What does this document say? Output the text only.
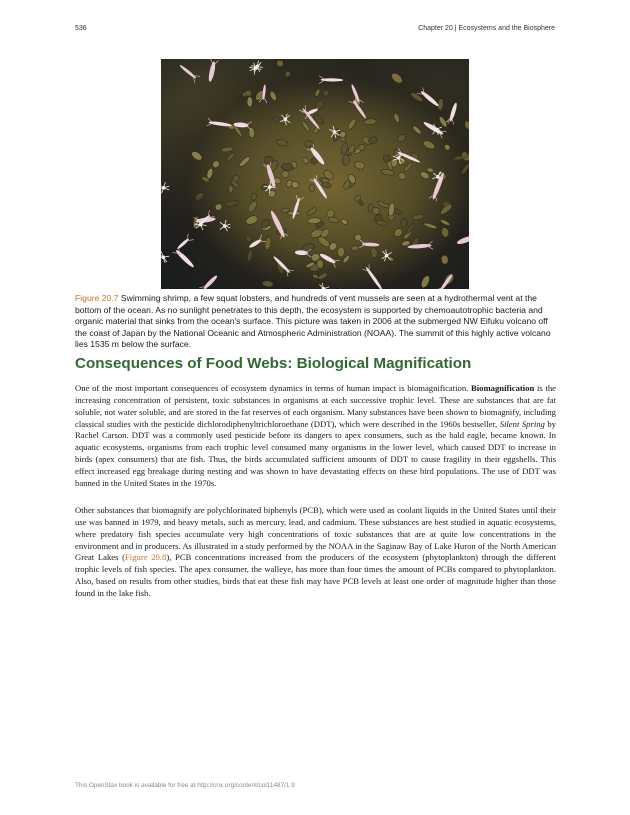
536	Chapter 20 | Ecosystems and the Biosphere

Figure 20.7 Swimming shrimp, a few squat lobsters, and hundreds of vent mussels are seen at a hydrothermal vent at the bottom of the ocean. As no sunlight penetrates to this depth, the ecosystem is supported by chemoautotrophic bacteria and organic material that sinks from the ocean's surface. This picture was taken in 2006 at the submerged NW Eifuku volcano off the coast of Japan by the National Oceanic and Atmospheric Administration (NOAA). The summit of this highly active volcano lies 1535 m below the surface.

Consequences of Food Webs: Biological Magnification

One of the most important consequences of ecosystem dynamics in terms of human impact is biomagnification. Biomagnification is the increasing concentration of persistent, toxic substances in organisms at each successive trophic level. These are substances that are fat soluble, not water soluble, and are stored in the fat reserves of each organism. Many substances have been shown to biomagnify, including classical studies with the pesticide dichlorodiphenyltrichloroethane (DDT), which were described in the 1960s bestseller, Silent Spring by Rachel Carson. DDT was a commonly used pesticide before its dangers to apex consumers, such as the bald eagle, became known. In aquatic ecosystems, organisms from each trophic level consumed many organisms in the lower level, which caused DDT to increase in birds (apex consumers) that ate fish. Thus, the birds accumulated sufficient amounts of DDT to cause fragility in their eggshells. This effect increased egg breakage during nesting and was shown to have devastating effects on these bird populations. The use of DDT was banned in the United States in the 1970s.

Other substances that biomagnify are polychlorinated biphenyls (PCB), which were used as coolant liquids in the United States until their use was banned in 1979, and heavy metals, such as mercury, lead, and cadmium. These substances are best studied in aquatic ecosystems, where predatory fish species accumulate very high concentrations of toxic substances that are at quite low concentrations in the environment and in producers. As illustrated in a study performed by the NOAA in the Saginaw Bay of Lake Huron of the North American Great Lakes (Figure 20.8), PCB concentrations increased from the producers of the ecosystem (phytoplankton) through the different trophic levels of fish species. The apex consumer, the walleye, has more than four times the amount of PCBs compared to phytoplankton. Also, based on results from other studies, birds that eat these fish may have PCB levels at least one order of magnitude higher than those found in the lake fish.

This OpenStax book is available for free at http://cnx.org/content/col11487/1.9
